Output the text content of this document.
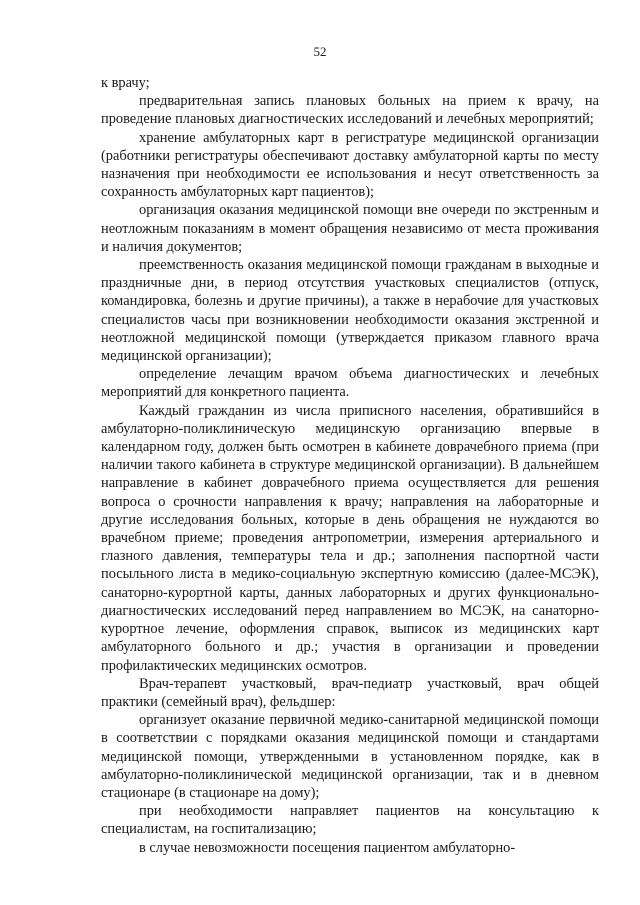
52

к врачу;

предварительная запись плановых больных на прием к врачу, на проведение плановых диагностических исследований и лечебных мероприятий;

хранение амбулаторных карт в регистратуре медицинской организации (работники регистратуры обеспечивают доставку амбулаторной карты по месту назначения при необходимости ее использования и несут ответственность за сохранность амбулаторных карт пациентов);

организация оказания медицинской помощи вне очереди по экстренным и неотложным показаниям в момент обращения независимо от места проживания и наличия документов;

преемственность оказания медицинской помощи гражданам в выходные и праздничные дни, в период отсутствия участковых специалистов (отпуск, командировка, болезнь и другие причины), а также в нерабочие для участковых специалистов часы при возникновении необходимости оказания экстренной и неотложной медицинской помощи (утверждается приказом главного врача медицинской организации);

определение лечащим врачом объема диагностических и лечебных мероприятий для конкретного пациента.

Каждый гражданин из числа приписного населения, обратившийся в амбулаторно-поликлиническую медицинскую организацию впервые в календарном году, должен быть осмотрен в кабинете доврачебного приема (при наличии такого кабинета в структуре медицинской организации). В дальнейшем направление в кабинет доврачебного приема осуществляется для решения вопроса о срочности направления к врачу; направления на лабораторные и другие исследования больных, которые в день обращения не нуждаются во врачебном приеме; проведения антропометрии, измерения артериального и глазного давления, температуры тела и др.; заполнения паспортной части посыльного листа в медико-социальную экспертную комиссию (далее-МСЭК), санаторно-курортной карты, данных лабораторных и других функционально-диагностических исследований перед направлением во МСЭК, на санаторно-курортное лечение, оформления справок, выписок из медицинских карт амбулаторного больного и др.; участия в организации и проведении профилактических медицинских осмотров.

Врач-терапевт участковый, врач-педиатр участковый, врач общей практики (семейный врач), фельдшер:

организует оказание первичной медико-санитарной медицинской помощи в соответствии с порядками оказания медицинской помощи и стандартами медицинской помощи, утвержденными в установленном порядке, как в амбулаторно-поликлинической медицинской организации, так и в дневном стационаре (в стационаре на дому);

при необходимости направляет пациентов на консультацию к специалистам, на госпитализацию;

в случае невозможности посещения пациентом амбулаторно-
